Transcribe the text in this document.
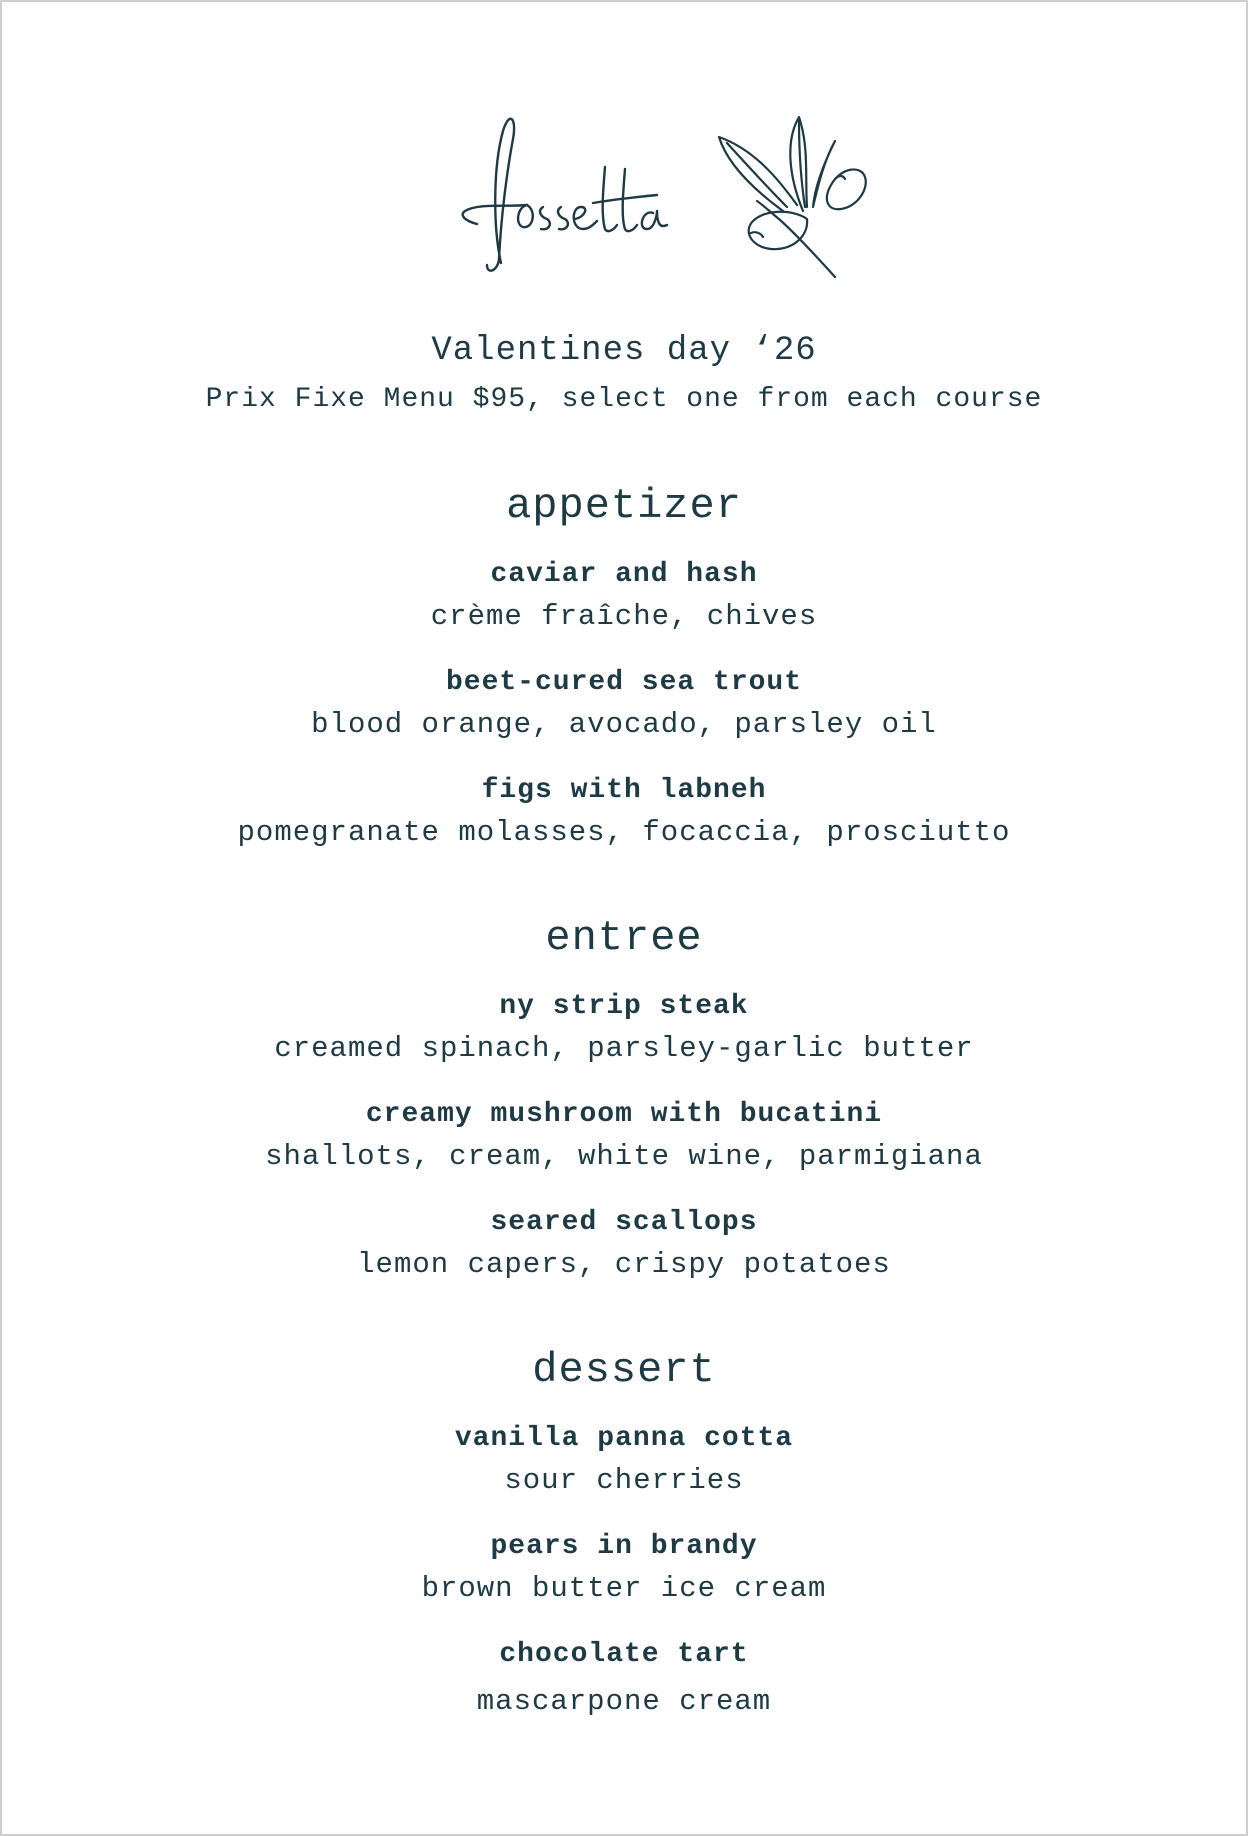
Valentines day ‘26
Prix Fixe Menu $95, select one from each course
appetizer
caviar and hash
crème fraîche, chives
beet-cured sea trout
blood orange, avocado, parsley oil
figs with labneh
pomegranate molasses, focaccia, prosciutto
entree
ny strip steak
creamed spinach, parsley-garlic butter
creamy mushroom with bucatini
shallots, cream, white wine, parmigiana
seared scallops
lemon capers, crispy potatoes
dessert
vanilla panna cotta
sour cherries
pears in brandy
brown butter ice cream
chocolate tart
mascarpone cream
